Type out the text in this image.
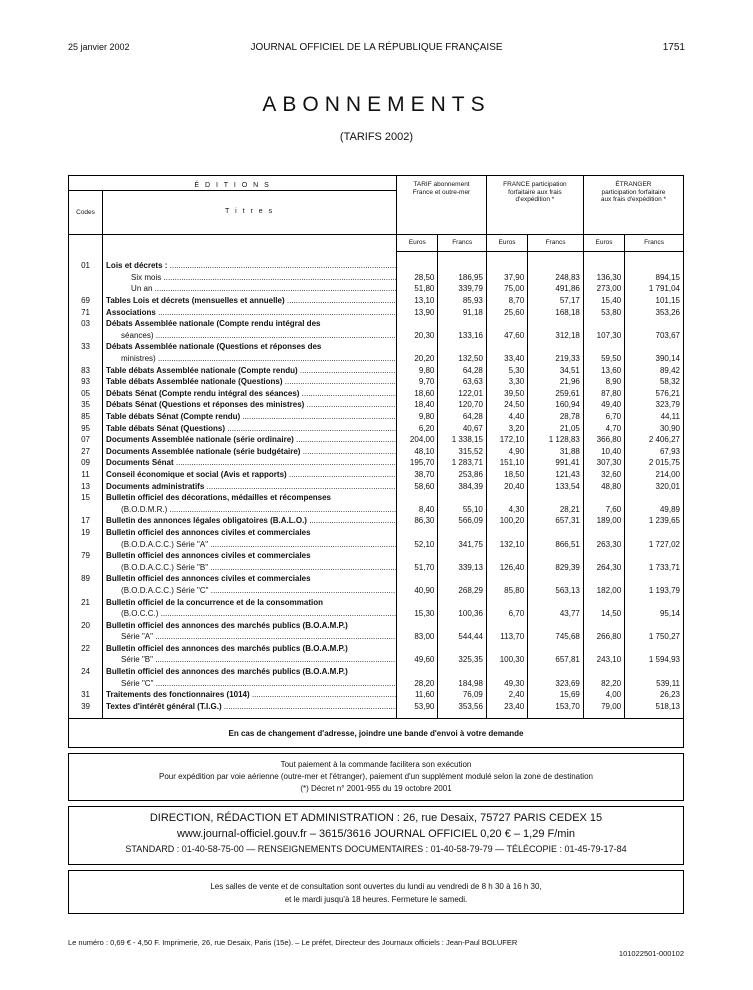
25 janvier 2002	JOURNAL OFFICIEL DE LA RÉPUBLIQUE FRANÇAISE	1751
ABONNEMENTS
(TARIFS 2002)
É D I T I O N S		TARIF abonnement France et outre-mer		FRANCE participation forfaitaire aux frais d'expédition *		ÉTRANGER participation forfaitaire aux frais d'expédition *	
Codes	T i t r e s						
		Euros	Francs	Euros	Francs	Euros	Francs

01	Lois et décrets : .....						
	Six mois .....	28,50	186,95	37,90	248,83	136,30	894,15
	Un an .....	51,80	339,79	75,00	491,86	273,00	1 791,04
69	Tables Lois et décrets (mensuelles et annuelle) .....	13,10	85,93	8,70	57,17	15,40	101,15
71	Associations .....	13,90	91,18	25,60	168,18	53,80	353,26
03	Débats Assemblée nationale (Compte rendu intégral des						
	séances) .....	20,30	133,16	47,60	312,18	107,30	703,67
33	Débats Assemblée nationale (Questions et réponses des						
	ministres) .....	20,20	132,50	33,40	219,33	59,50	390,14
83	Table débats Assemblée nationale (Compte rendu) .....	9,80	64,28	5,30	34,51	13,60	89,42
93	Table débats Assemblée nationale (Questions) .....	9,70	63,63	3,30	21,96	8,90	58,32
05	Débats Sénat (Compte rendu intégral des séances) .....	18,60	122,01	39,50	259,61	87,80	576,21
35	Débats Sénat (Questions et réponses des ministres) .....	18,40	120,70	24,50	160,94	49,40	323,79
85	Table débats Sénat (Compte rendu) .....	9,80	64,28	4,40	28,78	6,70	44,11
95	Table débats Sénat (Questions) .....	6,20	40,67	3,20	21,05	4,70	30,90
07	Documents Assemblée nationale (série ordinaire) .....	204,00	1 338,15	172,10	1 128,83	366,80	2 406,27
27	Documents Assemblée nationale (série budgétaire) .....	48,10	315,52	4,90	31,88	10,40	67,93
09	Documents Sénat .....	195,70	1 283,71	151,10	991,41	307,30	2 015,75
11	Conseil économique et social (Avis et rapports) .....	38,70	253,86	18,50	121,43	32,60	214,00
13	Documents administratifs .....	58,60	384,39	20,40	133,54	48,80	320,01
15	Bulletin officiel des décorations, médailles et récompenses						
	(B.O.D.M.R.) .....	8,40	55,10	4,30	28,21	7,60	49,89
17	Bulletin des annonces légales obligatoires (B.A.L.O.) .....	86,30	566,09	100,20	657,31	189,00	1 239,65
19	Bulletin officiel des annonces civiles et commerciales						
	(B.O.D.A.C.C.) Série "A" .....	52,10	341,75	132,10	866,51	263,30	1 727,02
79	Bulletin officiel des annonces civiles et commerciales						
	(B.O.D.A.C.C.) Série "B" .....	51,70	339,13	126,40	829,39	264,30	1 733,71
89	Bulletin officiel des annonces civiles et commerciales						
	(B.O.D.A.C.C.) Série "C" .....	40,90	268,29	85,80	563,13	182,00	1 193,79
21	Bulletin officiel de la concurrence et de la consommation						
	(B.O.C.C.) .....	15,30	100,36	6,70	43,77	14,50	95,14
20	Bulletin officiel des annonces des marchés publics (B.O.A.M.P.)						
	Série "A" .....	83,00	544,44	113,70	745,68	266,80	1 750,27
22	Bulletin officiel des annonces des marchés publics (B.O.A.M.P.)						
	Série "B" .....	49,60	325,35	100,30	657,81	243,10	1 594,93
24	Bulletin officiel des annonces des marchés publics (B.O.A.M.P.)						
	Série "C" .....	28,20	184,98	49,30	323,69	82,20	539,11
31	Traitements des fonctionnaires (1014) .....	11,60	76,09	2,40	15,69	4,00	26,23
39	Textes d'intérêt général (T.I.G.) .....	53,90	353,56	23,40	153,70	79,00	518,13

En cas de changement d'adresse, joindre une bande d'envoi à votre demande
Tout paiement à la commande facilitera son exécution
Pour expédition par voie aérienne (outre-mer et l'étranger), paiement d'un supplément modulé selon la zone de destination
(*) Décret n° 2001-955 du 19 octobre 2001
DIRECTION, RÉDACTION ET ADMINISTRATION : 26, rue Desaix, 75727 PARIS CEDEX 15
www.journal-officiel.gouv.fr – 3615/3616 JOURNAL OFFICIEL 0,20 € – 1,29 F/min
STANDARD : 01-40-58-75-00 — RENSEIGNEMENTS DOCUMENTAIRES : 01-40-58-79-79 — TÉLÉCOPIE : 01-45-79-17-84
Les salles de vente et de consultation sont ouvertes du lundi au vendredi de 8 h 30 à 16 h 30,
et le mardi jusqu'à 18 heures. Fermeture le samedi.
Le numéro : 0,69 € - 4,50 F. Imprimerie, 26, rue Desaix, Paris (15e). – Le préfet, Directeur des Journaux officiels : Jean-Paul BOLUFER
101022501-000102
